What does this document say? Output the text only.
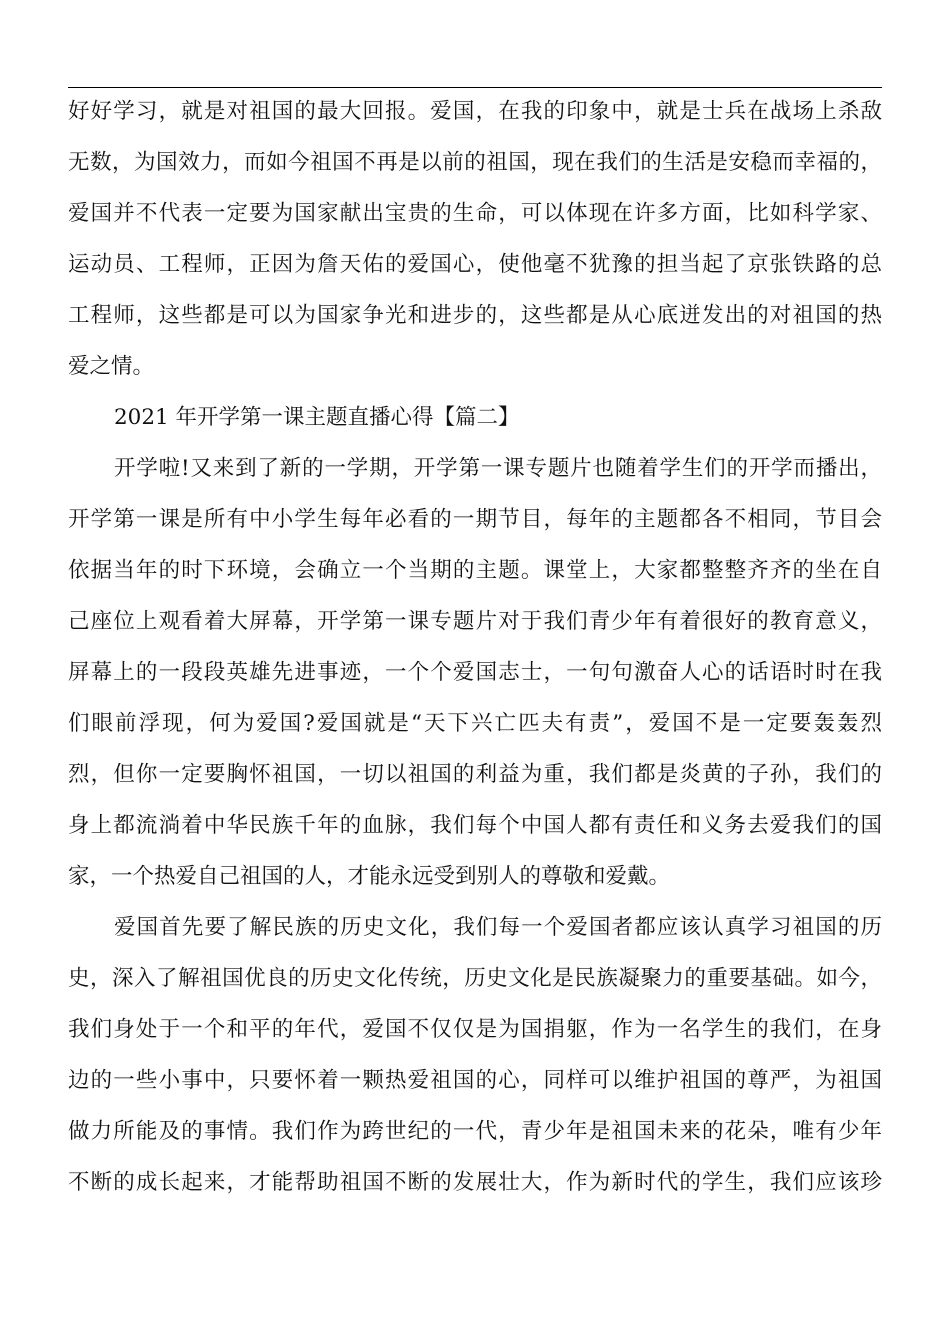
好好学习，就是对祖国的最大回报。爱国，在我的印象中，就是士兵在战场上杀敌
无数，为国效力，而如今祖国不再是以前的祖国，现在我们的生活是安稳而幸福的，
爱国并不代表一定要为国家献出宝贵的生命，可以体现在许多方面，比如科学家、
运动员、工程师，正因为詹天佑的爱国心，使他毫不犹豫的担当起了京张铁路的总
工程师，这些都是可以为国家争光和进步的，这些都是从心底迸发出的对祖国的热
爱之情。
2021 年开学第一课主题直播心得【篇二】
开学啦!又来到了新的一学期，开学第一课专题片也随着学生们的开学而播出，
开学第一课是所有中小学生每年必看的一期节目，每年的主题都各不相同，节目会
依据当年的时下环境，会确立一个当期的主题。课堂上，大家都整整齐齐的坐在自
己座位上观看着大屏幕，开学第一课专题片对于我们青少年有着很好的教育意义，
屏幕上的一段段英雄先进事迹，一个个爱国志士，一句句激奋人心的话语时时在我
们眼前浮现，何为爱国?爱国就是“天下兴亡匹夫有责”，爱国不是一定要轰轰烈
烈，但你一定要胸怀祖国，一切以祖国的利益为重，我们都是炎黄的子孙，我们的
身上都流淌着中华民族千年的血脉，我们每个中国人都有责任和义务去爱我们的国
家，一个热爱自己祖国的人，才能永远受到别人的尊敬和爱戴。
爱国首先要了解民族的历史文化，我们每一个爱国者都应该认真学习祖国的历
史，深入了解祖国优良的历史文化传统，历史文化是民族凝聚力的重要基础。如今，
我们身处于一个和平的年代，爱国不仅仅是为国捐躯，作为一名学生的我们，在身
边的一些小事中，只要怀着一颗热爱祖国的心，同样可以维护祖国的尊严，为祖国
做力所能及的事情。我们作为跨世纪的一代，青少年是祖国未来的花朵，唯有少年
不断的成长起来，才能帮助祖国不断的发展壮大，作为新时代的学生，我们应该珍
